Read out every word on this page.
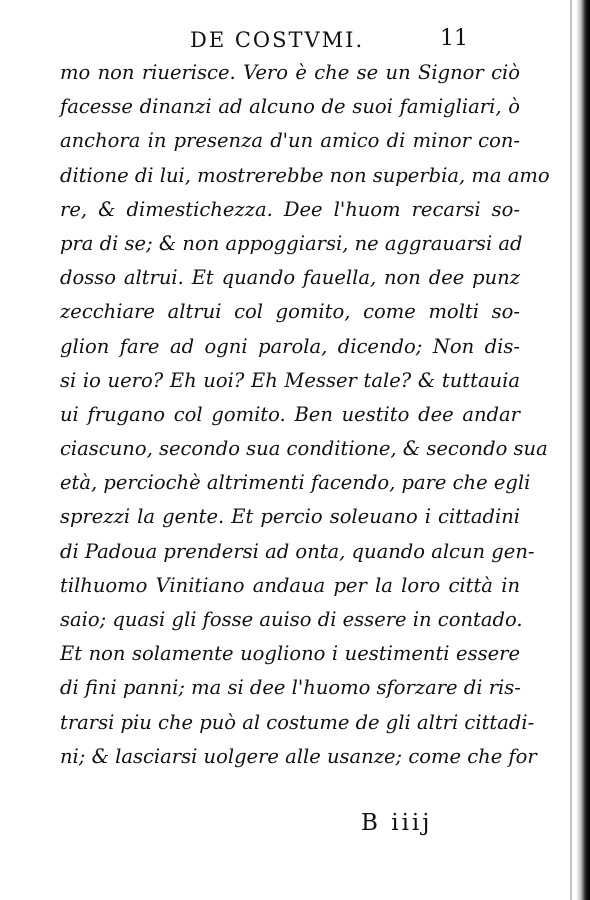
DE COSTVMI.	11
mo non riuerisce. Vero è che se un Signor ciò
facesse dinanzi ad alcuno de suoi famigliari, ò
anchora in presenza d'un amico di minor con-
ditione di lui, mostrerebbe non superbia, ma amo
re, & dimestichezza. Dee l'huom recarsi so-
pra di se; & non appoggiarsi, ne aggrauarsi ad
dosso altrui. Et quando fauella, non dee punz
zecchiare altrui col gomito, come molti so-
glion fare ad ogni parola, dicendo; Non dis-
si io uero? Eh uoi? Eh Messer tale? & tuttauia
ui frugano col gomito. Ben uestito dee andar
ciascuno, secondo sua conditione, & secondo sua
età, perciochè altrimenti facendo, pare che egli
sprezzi la gente. Et percio soleuano i cittadini
di Padoua prendersi ad onta, quando alcun gen-
tilhuomo Vinitiano andaua per la loro città in
saio; quasi gli fosse auiso di essere in contado.
Et non solamente uogliono i uestimenti essere
di fini panni; ma si dee l'huomo sforzare di ris-
trarsi piu che può al costume de gli altri cittadi-
ni; & lasciarsi uolgere alle usanze; come che for
B iiij
